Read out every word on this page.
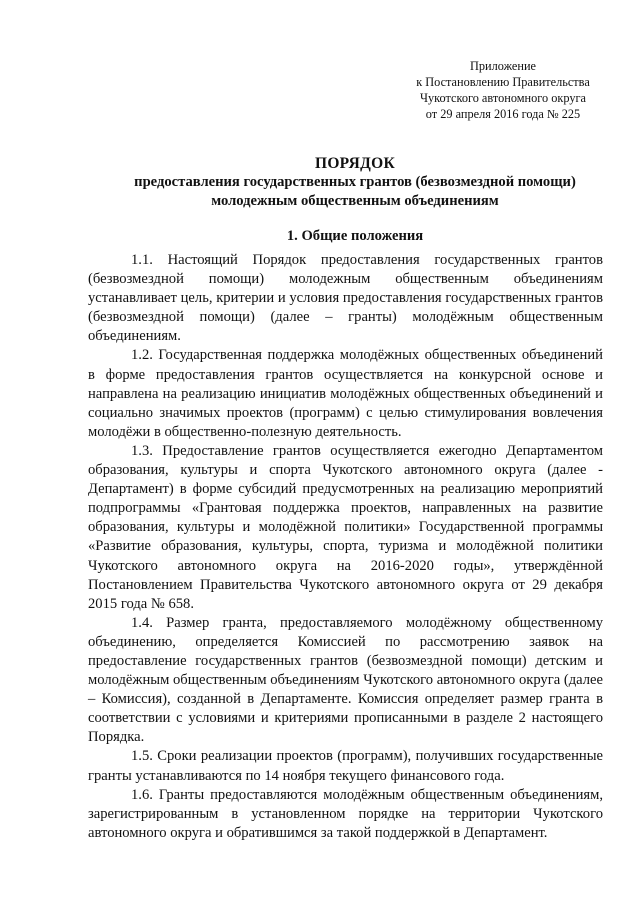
Приложение
к Постановлению Правительства
Чукотского автономного округа
от 29 апреля 2016 года № 225
ПОРЯДОК
предоставления государственных грантов (безвозмездной помощи)
молодежным общественным объединениям
1. Общие положения

1.1. Настоящий Порядок предоставления государственных грантов (безвозмездной помощи) молодежным общественным объединениям устанавливает цель, критерии и условия предоставления государственных грантов (безвозмездной помощи) (далее – гранты) молодёжным общественным объединениям.

1.2. Государственная поддержка молодёжных общественных объединений в форме предоставления грантов осуществляется на конкурсной основе и направлена на реализацию инициатив молодёжных общественных объединений и социально значимых проектов (программ) с целью стимулирования вовлечения молодёжи в общественно-полезную деятельность.

1.3. Предоставление грантов осуществляется ежегодно Департаментом образования, культуры и спорта Чукотского автономного округа (далее - Департамент) в форме субсидий предусмотренных на реализацию мероприятий подпрограммы «Грантовая поддержка проектов, направленных на развитие образования, культуры и молодёжной политики» Государственной программы «Развитие образования, культуры, спорта, туризма и молодёжной политики Чукотского автономного округа на 2016-2020 годы», утверждённой Постановлением Правительства Чукотского автономного округа от 29 декабря 2015 года № 658.

1.4. Размер гранта, предоставляемого молодёжному общественному объединению, определяется Комиссией по рассмотрению заявок на предоставление государственных грантов (безвозмездной помощи) детским и молодёжным общественным объединениям Чукотского автономного округа (далее – Комиссия), созданной в Департаменте. Комиссия определяет размер гранта в соответствии с условиями и критериями прописанными в разделе 2 настоящего Порядка.

1.5. Сроки реализации проектов (программ), получивших государственные гранты устанавливаются по 14 ноября текущего финансового года.

1.6. Гранты предоставляются молодёжным общественным объединениям, зарегистрированным в установленном порядке на территории Чукотского автономного округа и обратившимся за такой поддержкой в Департамент.
